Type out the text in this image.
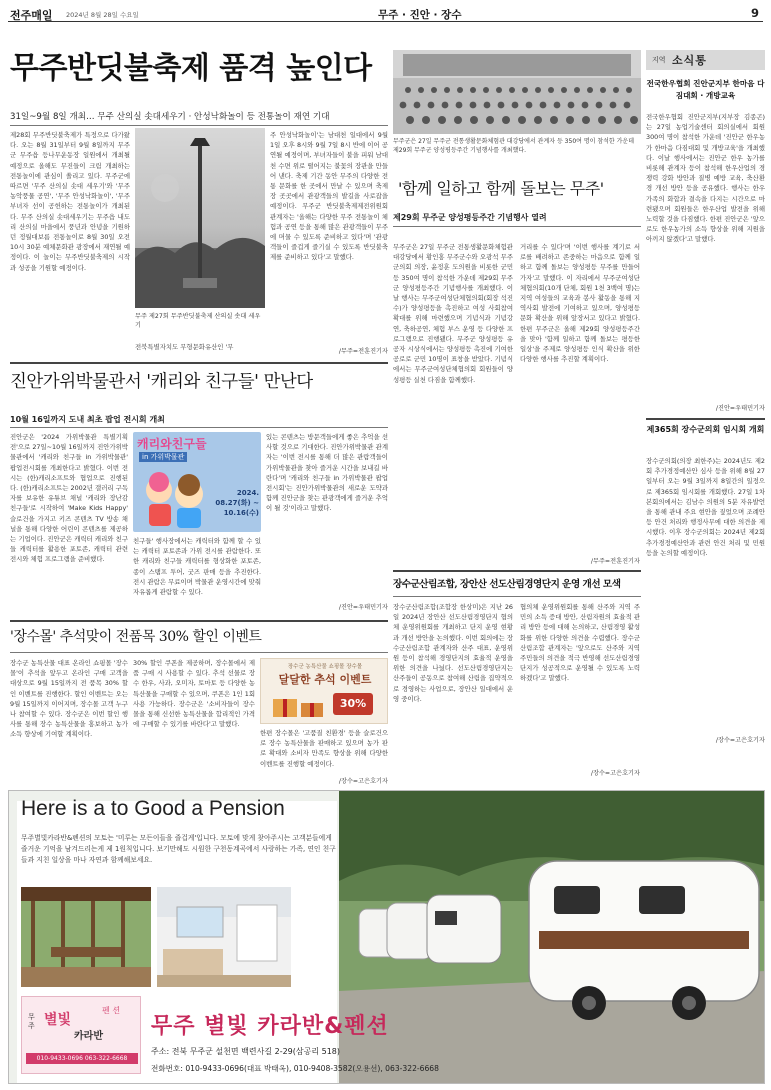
전주매일 2024년 8월 28일 수요일	무주 · 진안 · 장수	9
무주반딧불축제 품격 높인다
31일~9월 8일 개최… 무주 산의실 솟대세우기 · 안성낙화놀이 등 전통놀이 재연 기대
제28회 무주반딧불축제가 특정으로 다가왔다. 오는 8월 31일부터 9월 8일까지 무주군 무주읍 등나무운동장 일원에서 개최될 예정으로 올해도 무진들이 크림 개최하는 전통놀이에 관심이 쏠리고 있다. 무주군에 따르면 '무주 산의실 솟대 세우기'와 '무주농악풍물 공연', '무주 안성낙화놀이', '무주 부녀자 선이 공헌하는 전통놀이가 개최된다. 무주 산의실 솟대세우기는 무주읍 내도리 산의실 마을에서 풍년과 안녕을 기원하던 정월대보름 전통놀이로 8월 30일 오전 10시 30분 예체문화관 광장에서 재연될 예정이다. 이 놀이는 무주반딧불축제의 시작과 성공을 기원할 예정이다.
무주 제27회 무주반딧불축제 산의실 솟대 세우기
전북특별자치도 무형문화유산인 '무
주 안성낙화놀이'는 남대천 일대에서 9월 1일 오후 8시와 9월 7일 8시 반에 이어 공연될 예정이며, 부녀자들이 불을 피워 남대천 수면 위로 떨어지는 불꽃의 장관을 만들어 낸다. 축제 기간 동안 무주의 다양한 전통 문화를 한 곳에서 만날 수 있으며 축제장 곳곳에서 관광객들의 발길을 사로잡을 예정이다. 무주군 반딧불축제제전위원회 관계자는 '올해는 다양한 무주 전통놀이 체험과 공연 등을 통해 많은 관광객들이 무주에 머물 수 있도록 준비하고 있다'며 '관광객들이 즐겁게 즐기실 수 있도록 반딧불축제를 준비하고 있다'고 말했다.
/무주=전훈진기자
무주군은 27일 무주군 전통생활문화체험관 대강당에서 관계자 등 350여 명이 참석한 가운데 제29회 무주군 양성평등주간 기념행사를 개최했다.
'함께 일하고 함께 돌보는 무주'
제29회 무주군 양성평등주간 기념행사 열려
무주군은 27일 무주군 전통생활문화체험관 대강당에서 황인홍 무주군수와 오광석 무주군의회 의장, 윤정훈 도의원을 비롯한 군민 등 350여 명이 참석한 가운데 제29회 무주군 양성평등주간 기념행사를 개최했다. 이날 행사는 무주군여성단체협의회(회장 석진수)가 양성평등을 촉진하고 여성 사회참여 확대를 위해 마련했으며 기념식과 기념강연, 축하공연, 체험 부스 운영 등 다양한 프로그램으로 진행됐다. 무주군 양성평등 유공자 시상식에서는 양성평등 촉진에 기여한 공로로 군민 10명이 표창을 받았다. 기념식에서는 무주군여성단체협의회 회원들이 양성평등 실천 다짐을 함께했다.
거리를 수 있다'며 '이번 행사를 계기로 서로를 배려하고 존중하는 마음으로 함께 일하고 함께 돌보는 양성평등 무주를 만들어가자'고 말했다. 이 자리에서 무주군여성단체협의회(10개 단체, 회원 1천 3백여 명)는 지역 여성들의 교육과 봉사 활동을 통해 지역사회 발전에 기여하고 있으며, 양성평등 문화 확산을 위해 앞장서고 있다고 밝혔다. 한편 무주군은 올해 제29회 양성평등주간을 맞아 '함께 일하고 함께 돌보는 평등한 일상'을 주제로 양성평등 인식 확산을 위한 다양한 행사를 추진할 계획이다.
/무주=전훈진기자
지역 소식통
전국한우협회 진안군지부 한마음 다짐대회 · 개방교육
전국한우협회 진안군지부(지부장 김종곤)는 27일 농업기술센터 회의실에서 회원 300여 명이 참석한 가운데 '진안군 한우농가 한마음 다짐대회 및 개방교육'을 개최했다. 이날 행사에서는 진안군 한우 농가를 비롯해 관계자 등이 참석해 한우산업의 경쟁력 강화 방안과 질병 예방 교육, 축산환경 개선 방안 등을 공유했다. 행사는 한우가족의 화합과 결속을 다지는 시간으로 마련됐으며 회원들은 한우산업 발전을 위해 노력할 것을 다짐했다. 한편 진안군은 '앞으로도 한우농가의 소득 향상을 위해 지원을 아끼지 않겠다'고 말했다.
/진안=우태민기자
제365회 장수군의회 임시회 개회
장수군의회(의장 최한주)는 2024년도 제2회 추가경정예산안 심사 등을 위해 8월 27일부터 오는 9월 3일까지 8일간의 일정으로 제365회 임시회를 개회했다. 27일 1차 본회의에서는 김남수 의원의 5분 자유발언을 통해 관내 주요 현안을 짚었으며 조례안 등 안건 처리와 행정사무에 대한 의견을 제시했다. 이후 장수군의회는 2024년 제2회 추가경정예산안과 관련 안건 처리 및 민원 등을 논의할 예정이다.
/장수=고은호기자
진안가위박물관서 '캐리와 친구들' 만난다
10월 16일까지 도내 최초 팝업 전시회 개최
진안군은 '2024 가위박물관 특별기획전'으로 27일~10월 16일까지 진안가위박물관에서 '캐리와 친구들 in 가위박물관' 팝업전시회를 개최한다고 밝혔다. 이번 전시는 (한)캐리소프트와 협업으로 진행된다. (한)캐리소프트는 2002년 갤러리 구독자를 보유한 유튜브 채널 '캐리와 장난감 친구들'로 시작하여 'Make Kids Happy' 슬로건을 가지고 키즈 콘텐츠 TV 방송 채널을 통해 다양한 어린이 콘텐츠를 제공하는 기업이다. 진안군은 캐릭터 캐리와 친구들 캐릭터를 활용한 포토존, 캐릭터 관련 전시와 체험 프로그램을 준비했다.
캐리와친구들
in 가위박물관
2024. 08.27(화) ~ 10.16(수)
친구들' 행사장에서는 캐릭터와 함께 할 수 있는 캐릭터 포토존과 가위 전시를 관람한다. 또한 캐리와 친구들 캐릭터를 형상화한 포토존, 종이 스탬프 투어, 굿즈 판매 등을 추진한다. 전시 관람은 무료이며 박물관 운영시간에 맞춰 자유롭게 관람할 수 있다.
있는 콘텐츠는 방문객들에게 좋은 추억을 선사할 것으로 기대한다. 진안가위박물관 관계자는 '이번 전시를 통해 더 많은 관람객들이 가위박물관을 찾아 즐거운 시간을 보내길 바란다'며 '캐리와 친구들 in 가위박물관 팝업 전시회'는 진안가위박물관의 새로운 도약과 함께 진안군을 찾는 관광객에게 즐거운 추억이 될 것'이라고 말했다.
/진안=우태민기자
'장수몰' 추석맞이 전품목 30% 할인 이벤트
장수군 농특산물 대표 온라인 쇼핑몰 '장수몰'이 추석을 앞두고 온라인 구매 고객을 대상으로 9월 15일까지 전 품목 30% 할인 이벤트를 진행한다. 할인 이벤트는 오는 9월 15일까지 이어지며, 장수몰 고객 누구나 참여할 수 있다. 장수군은 이번 할인 행사를 통해 장수 농특산물을 홍보하고 농가 소득 향상에 기여할 계획이다.
30% 할인 쿠폰을 제공하며, 장수몰에서 제품 구매 시 사용할 수 있다. 추석 선물로 장수 한우, 사과, 오미자, 토마토 등 다양한 농특산물을 구매할 수 있으며, 쿠폰은 1인 1회 사용 가능하다. 장수군은 '소비자들이 장수몰을 통해 신선한 농특산물을 합리적인 가격에 구매할 수 있기를 바란다'고 말했다.
장수군 농특산물 쇼핑몰 장수몰
달달한 추석 이벤트
30%
한편 장수몰은 '고품질 친환경' 등을 슬로건으로 장수 농특산물을 판매하고 있으며 농가 판로 확대와 소비자 만족도 향상을 위해 다양한 이벤트를 진행할 예정이다.
/장수=고은호기자
장수군산림조합, 장안산 선도산림경영단지 운영 개선 모색
장수군산림조합(조합장 한상미)은 지난 26일 2024년 장안산 선도산림경영단지 협의체 운영위원회를 개최하고 단지 운영 현황과 개선 방안을 논의했다. 이번 회의에는 장수군산림조합 관계자와 산주 대표, 운영위원 등이 참석해 경영단지의 효율적 운영을 위한 의견을 나눴다. 선도산림경영단지는 산주들이 공동으로 참여해 산림을 집약적으로 경영하는 사업으로, 장안산 일대에서 운영 중이다.
협의체 운영위원회를 통해 산주와 지역 주민의 소득 증대 방안, 산림자원의 효율적 관리 방안 등에 대해 논의하고, 산림경영 활성화를 위한 다양한 의견을 수렴했다. 장수군산림조합 관계자는 '앞으로도 산주와 지역 주민들의 의견을 적극 반영해 선도산림경영단지가 성공적으로 운영될 수 있도록 노력하겠다'고 말했다.
/장수=고은호기자
Here is a to Good a Pension
무주별빛카라반&펜션의 모토는 '미루는 모든이들을 즐겁게'입니다. 모토에 맞게 찾아주시는 고객분들에게 즐거운 기억을 남겨드리는게 제 1원칙입니다. 보기만해도 시원한 구천동계곡에서 사랑하는 가족, 연인 친구들과 지친 일상을 마나 자연과 함께해보세요.
무주 별빛
카라반
펜 션
010-9433-0696 063-322-6668
무주 별빛 카라반&펜션
주소: 전북 무주군 설천면 백련사길 2-29(삼공리 518)
전화번호: 010-9433-0696(대표 박태옥), 010-9408-3582(오용선), 063-322-6668
